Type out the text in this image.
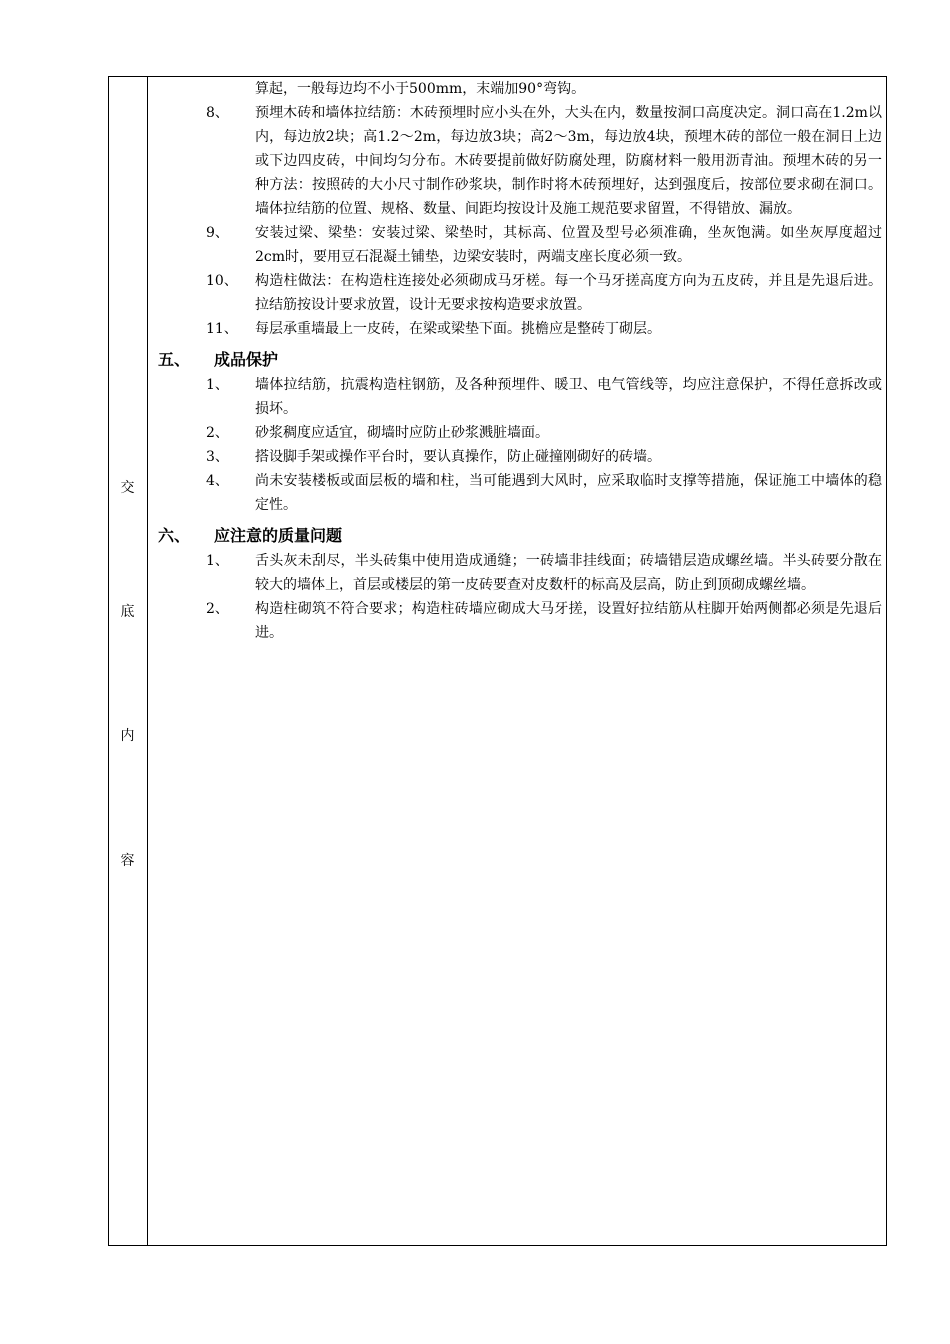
交
底
内
容
算起，一般每边均不小于500mm，末端加90°弯钩。
8、 预埋木砖和墙体拉结筋：木砖预埋时应小头在外，大头在内，数量按洞口高度决定。洞口高在1.2m以内，每边放2块；高1.2～2m，每边放3块；高2～3m，每边放4块，预埋木砖的部位一般在洞日上边或下边四皮砖，中间均匀分布。木砖要提前做好防腐处理，防腐材料一般用沥青油。预埋木砖的另一种方法：按照砖的大小尺寸制作砂浆块，制作时将木砖预埋好，达到强度后，按部位要求砌在洞口。墙体拉结筋的位置、规格、数量、间距均按设计及施工规范要求留置，不得错放、漏放。
9、 安装过梁、梁垫：安装过梁、梁垫时，其标高、位置及型号必须准确，坐灰饱满。如坐灰厚度超过2cm时，要用豆石混凝土铺垫，边梁安装时，两端支座长度必须一致。
10、 构造柱做法：在构造柱连接处必须砌成马牙槎。每一个马牙搓高度方向为五皮砖，并且是先退后进。拉结筋按设计要求放置，设计无要求按构造要求放置。
11、 每层承重墙最上一皮砖，在梁或梁垫下面。挑檐应是整砖丁砌层。
五、 成品保护
1、 墙体拉结筋，抗震构造柱钢筋，及各种预埋件、暖卫、电气管线等，均应注意保护，不得任意拆改或损坏。
2、 砂浆稠度应适宜，砌墙时应防止砂浆溅脏墙面。
3、 搭设脚手架或操作平台时，要认真操作，防止碰撞刚砌好的砖墙。
4、 尚未安装楼板或面层板的墙和柱，当可能遇到大风时，应采取临时支撑等措施，保证施工中墙体的稳定性。
六、 应注意的质量问题
1、 舌头灰未刮尽，半头砖集中使用造成通缝；一砖墙非挂线面；砖墙错层造成螺丝墙。半头砖要分散在较大的墙体上，首层或楼层的第一皮砖要查对皮数杆的标高及层高，防止到顶砌成螺丝墙。
2、 构造柱砌筑不符合要求；构造柱砖墙应砌成大马牙搓，设置好拉结筋从柱脚开始两侧都必须是先退后进。
